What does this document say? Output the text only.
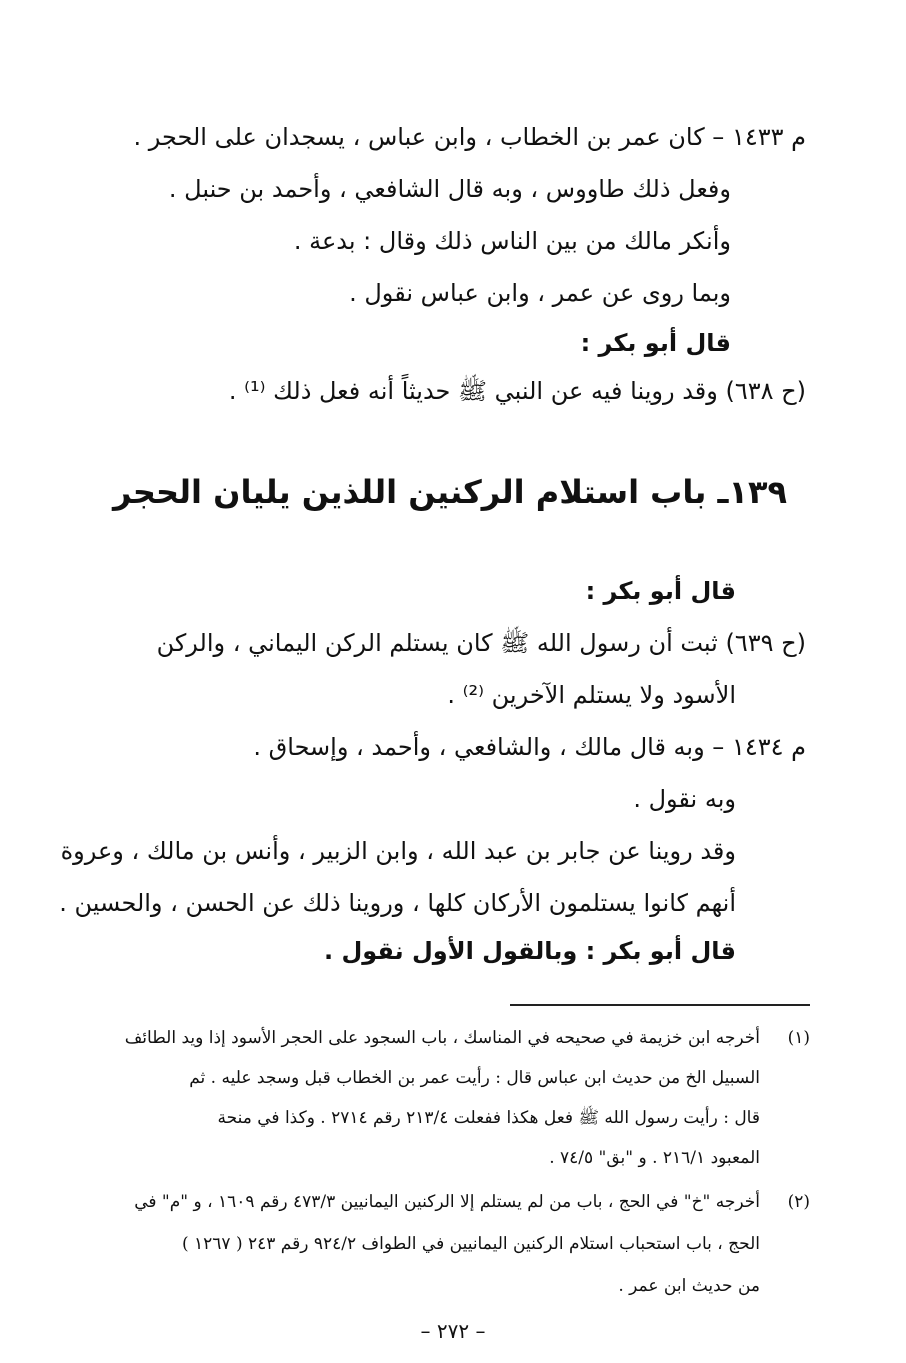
م ١٤٣٣ – كان عمر بن الخطاب ، وابن عباس ، يسجدان على الحجر .
وفعل ذلك طاووس ، وبه قال الشافعي ، وأحمد بن حنبل .
وأنكر مالك من بين الناس ذلك وقال : بدعة .
وبما روى عن عمر ، وابن عباس نقول .
قال أبو بكر :
(ح ٦٣٨) وقد روينا فيه عن النبي ﷺ حديثاً أنه فعل ذلك ⁽¹⁾ .
١٣٩ـ باب استلام الركنين اللذين يليان الحجر
قال أبو بكر :
(ح ٦٣٩) ثبت أن رسول الله ﷺ كان يستلم الركن اليماني ، والركن
الأسود ولا يستلم الآخرين ⁽²⁾ .
م ١٤٣٤ – وبه قال مالك ، والشافعي ، وأحمد ، وإسحاق .
وبه نقول .
وقد روينا عن جابر بن عبد الله ، وابن الزبير ، وأنس بن مالك ، وعروة
أنهم كانوا يستلمون الأركان كلها ، وروينا ذلك عن الحسن ، والحسين .
قال أبو بكر : وبالقول الأول نقول .
(١)
أخرجه ابن خزيمة في صحيحه في المناسك ، باب السجود على الحجر الأسود إذا ويد الطائف
السبيل الخ من حديث ابن عباس قال : رأيت عمر بن الخطاب قبل وسجد عليه . ثم
قال : رأيت رسول الله ﷺ فعل هكذا ففعلت ٢١٣/٤ رقم ٢٧١٤ . وكذا في منحة
المعبود ٢١٦/١ . و "بق" ٧٤/٥ .
(٢)
أخرجه "خ" في الحج ، باب من لم يستلم إلا الركنين اليمانيين ٤٧٣/٣ رقم ١٦٠٩ ، و "م" في
الحج ، باب استحباب استلام الركنين اليمانيين في الطواف ٩٢٤/٢ رقم ٢٤٣ ( ١٢٦٧ )
من حديث ابن عمر .
– ٢٧٢ –
